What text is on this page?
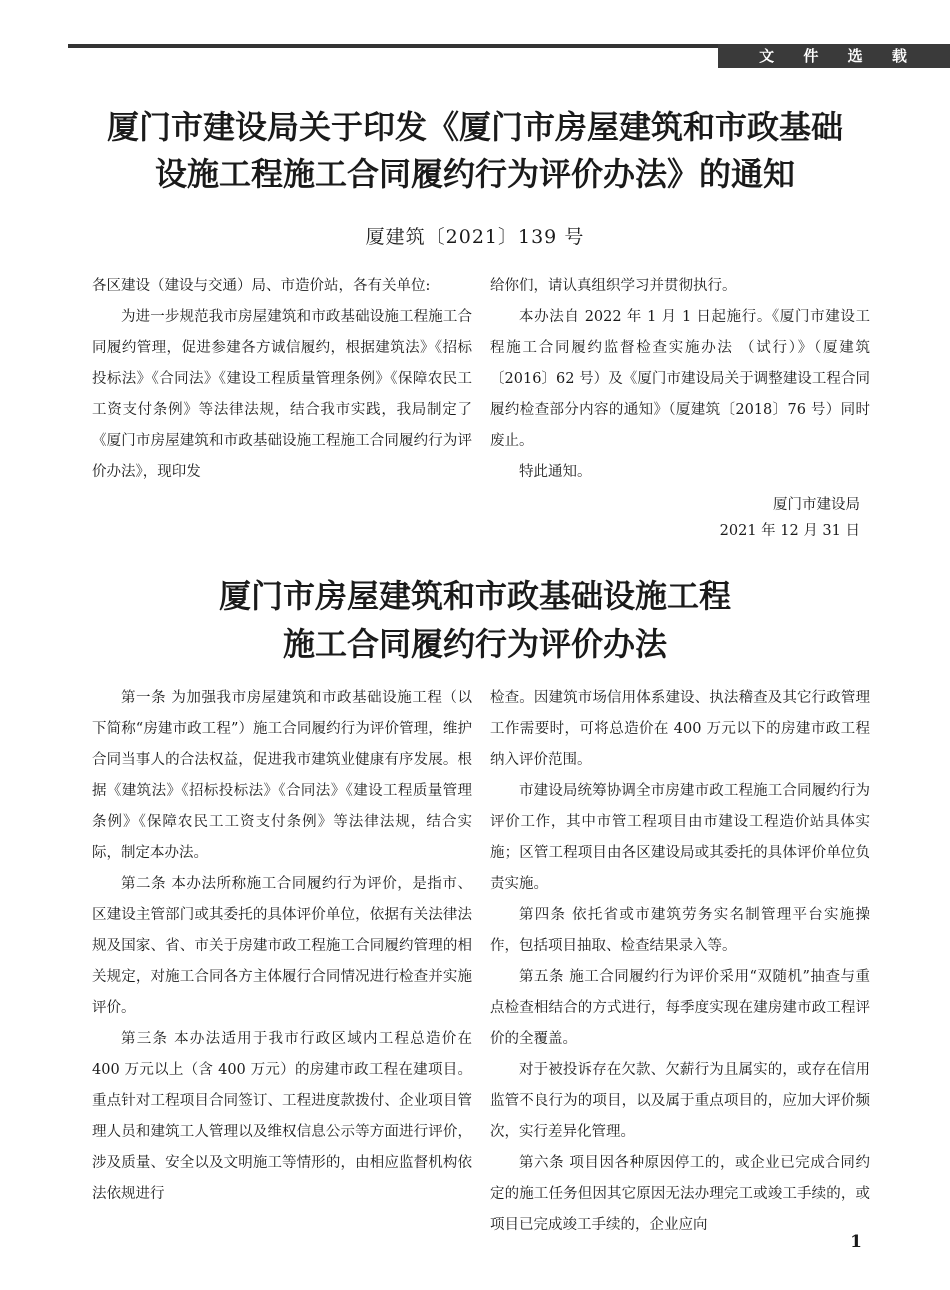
文 件 选 载
厦门市建设局关于印发《厦门市房屋建筑和市政基础
设施工程施工合同履约行为评价办法》的通知
厦建筑〔2021〕139 号

各区建设（建设与交通）局、市造价站，各有关单位:

为进一步规范我市房屋建筑和市政基础设施工程施工合同履约管理，促进参建各方诚信履约，根据建筑法》《招标投标法》《合同法》《建设工程质量管理条例》《保障农民工工资支付条例》等法律法规，结合我市实践，我局制定了《厦门市房屋建筑和市政基础设施工程施工合同履约行为评价办法》，现印发

给你们，请认真组织学习并贯彻执行。

本办法自 2022 年 1 月 1 日起施行。《厦门市建设工程施工合同履约监督检查实施办法 （试行）》（厦建筑〔2016〕62 号）及《厦门市建设局关于调整建设工程合同履约检查部分内容的通知》（厦建筑〔2018〕76 号）同时废止。

特此通知。

厦门市建设局
2021 年 12 月 31 日
厦门市房屋建筑和市政基础设施工程
施工合同履约行为评价办法

第一条 为加强我市房屋建筑和市政基础设施工程（以下简称“房建市政工程”）施工合同履约行为评价管理，维护合同当事人的合法权益，促进我市建筑业健康有序发展。根据《建筑法》《招标投标法》《合同法》《建设工程质量管理条例》《保障农民工工资支付条例》等法律法规，结合实际，制定本办法。

第二条 本办法所称施工合同履约行为评价，是指市、区建设主管部门或其委托的具体评价单位，依据有关法律法规及国家、省、市关于房建市政工程施工合同履约管理的相关规定，对施工合同各方主体履行合同情况进行检查并实施评价。

第三条 本办法适用于我市行政区域内工程总造价在 400 万元以上（含 400 万元）的房建市政工程在建项目。重点针对工程项目合同签订、工程进度款拨付、企业项目管理人员和建筑工人管理以及维权信息公示等方面进行评价，涉及质量、安全以及文明施工等情形的，由相应监督机构依法依规进行

检查。因建筑市场信用体系建设、执法稽查及其它行政管理工作需要时，可将总造价在 400 万元以下的房建市政工程纳入评价范围。

市建设局统筹协调全市房建市政工程施工合同履约行为评价工作，其中市管工程项目由市建设工程造价站具体实施；区管工程项目由各区建设局或其委托的具体评价单位负责实施。

第四条 依托省或市建筑劳务实名制管理平台实施操作，包括项目抽取、检查结果录入等。

第五条 施工合同履约行为评价采用“双随机”抽查与重点检查相结合的方式进行，每季度实现在建房建市政工程评价的全覆盖。

对于被投诉存在欠款、欠薪行为且属实的，或存在信用监管不良行为的项目，以及属于重点项目的，应加大评价频次，实行差异化管理。

第六条 项目因各种原因停工的，或企业已完成合同约定的施工任务但因其它原因无法办理完工或竣工手续的，或项目已完成竣工手续的，企业应向

1
